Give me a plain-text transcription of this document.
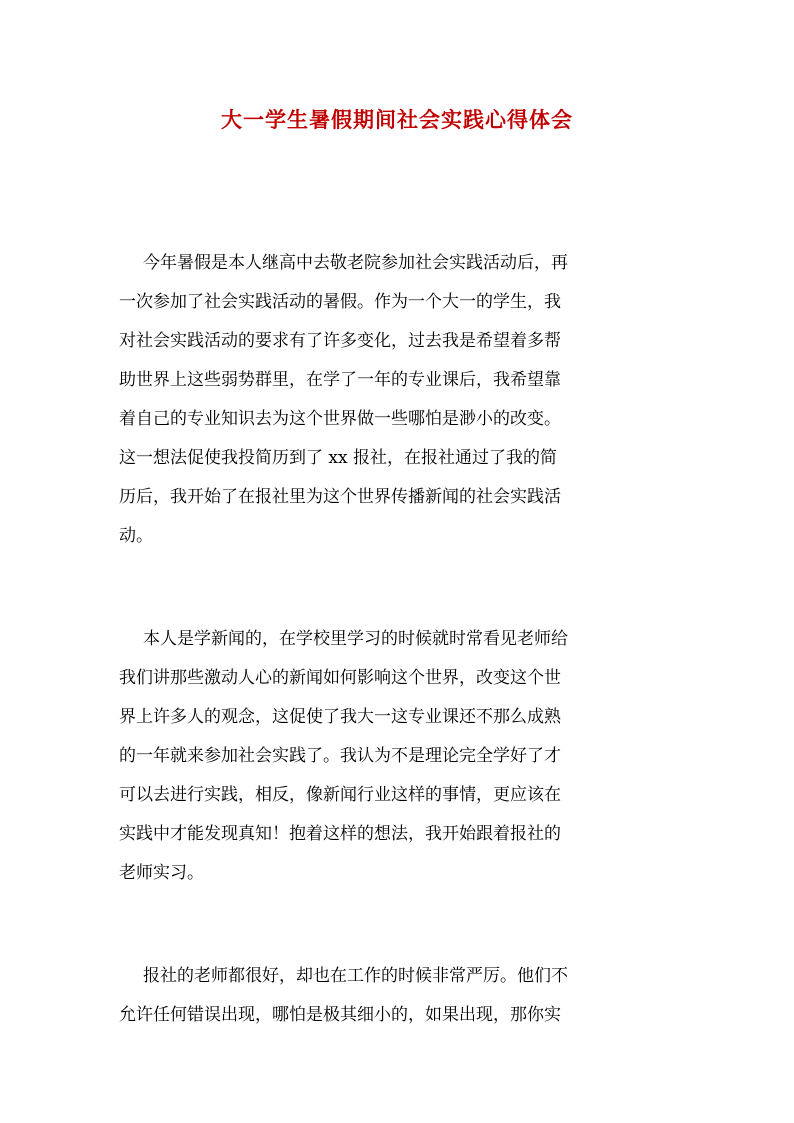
大一学生暑假期间社会实践心得体会
今年暑假是本人继高中去敬老院参加社会实践活动后，再
一次参加了社会实践活动的暑假。作为一个大一的学生，我
对社会实践活动的要求有了许多变化，过去我是希望着多帮
助世界上这些弱势群里，在学了一年的专业课后，我希望靠
着自己的专业知识去为这个世界做一些哪怕是渺小的改变。
这一想法促使我投简历到了 xx 报社，在报社通过了我的简
历后，我开始了在报社里为这个世界传播新闻的社会实践活
动。
本人是学新闻的，在学校里学习的时候就时常看见老师给
我们讲那些激动人心的新闻如何影响这个世界，改变这个世
界上许多人的观念，这促使了我大一这专业课还不那么成熟
的一年就来参加社会实践了。我认为不是理论完全学好了才
可以去进行实践，相反，像新闻行业这样的事情，更应该在
实践中才能发现真知！抱着这样的想法，我开始跟着报社的
老师实习。
报社的老师都很好，却也在工作的时候非常严厉。他们不
允许任何错误出现，哪怕是极其细小的，如果出现，那你实
